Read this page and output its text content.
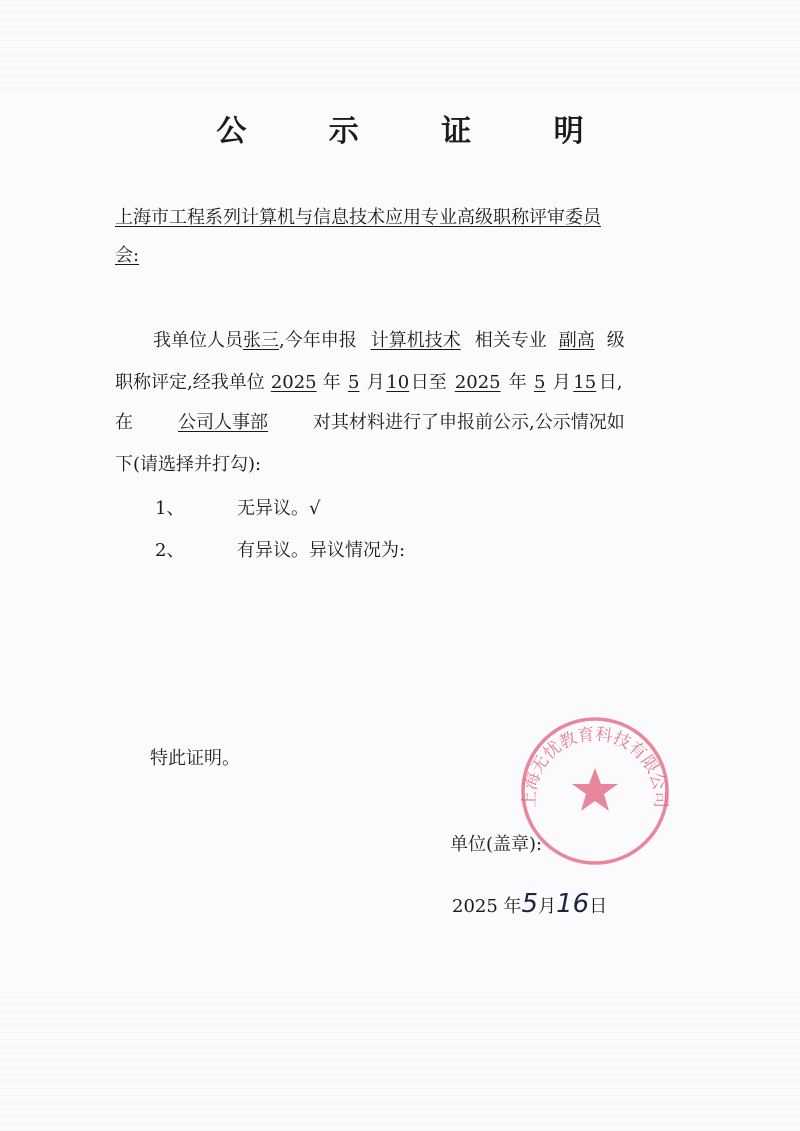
公 示 证 明
上海市工程系列计算机与信息技术应用专业高级职称评审委员
会:
我单位人员张三,今年申报 计算机技术 相关专业 副高 级
职称评定,经我单位 2025 年 5 月10日至 2025 年 5 月 15 日,
在	公司人事部	对其材料进行了申报前公示,公示情况如
下(请选择并打勾):
1、	无异议。√
2、	有异议。异议情况为:
特此证明。
上海无忧教育科技有限公司
单位(盖章):
2025 年5月16日
